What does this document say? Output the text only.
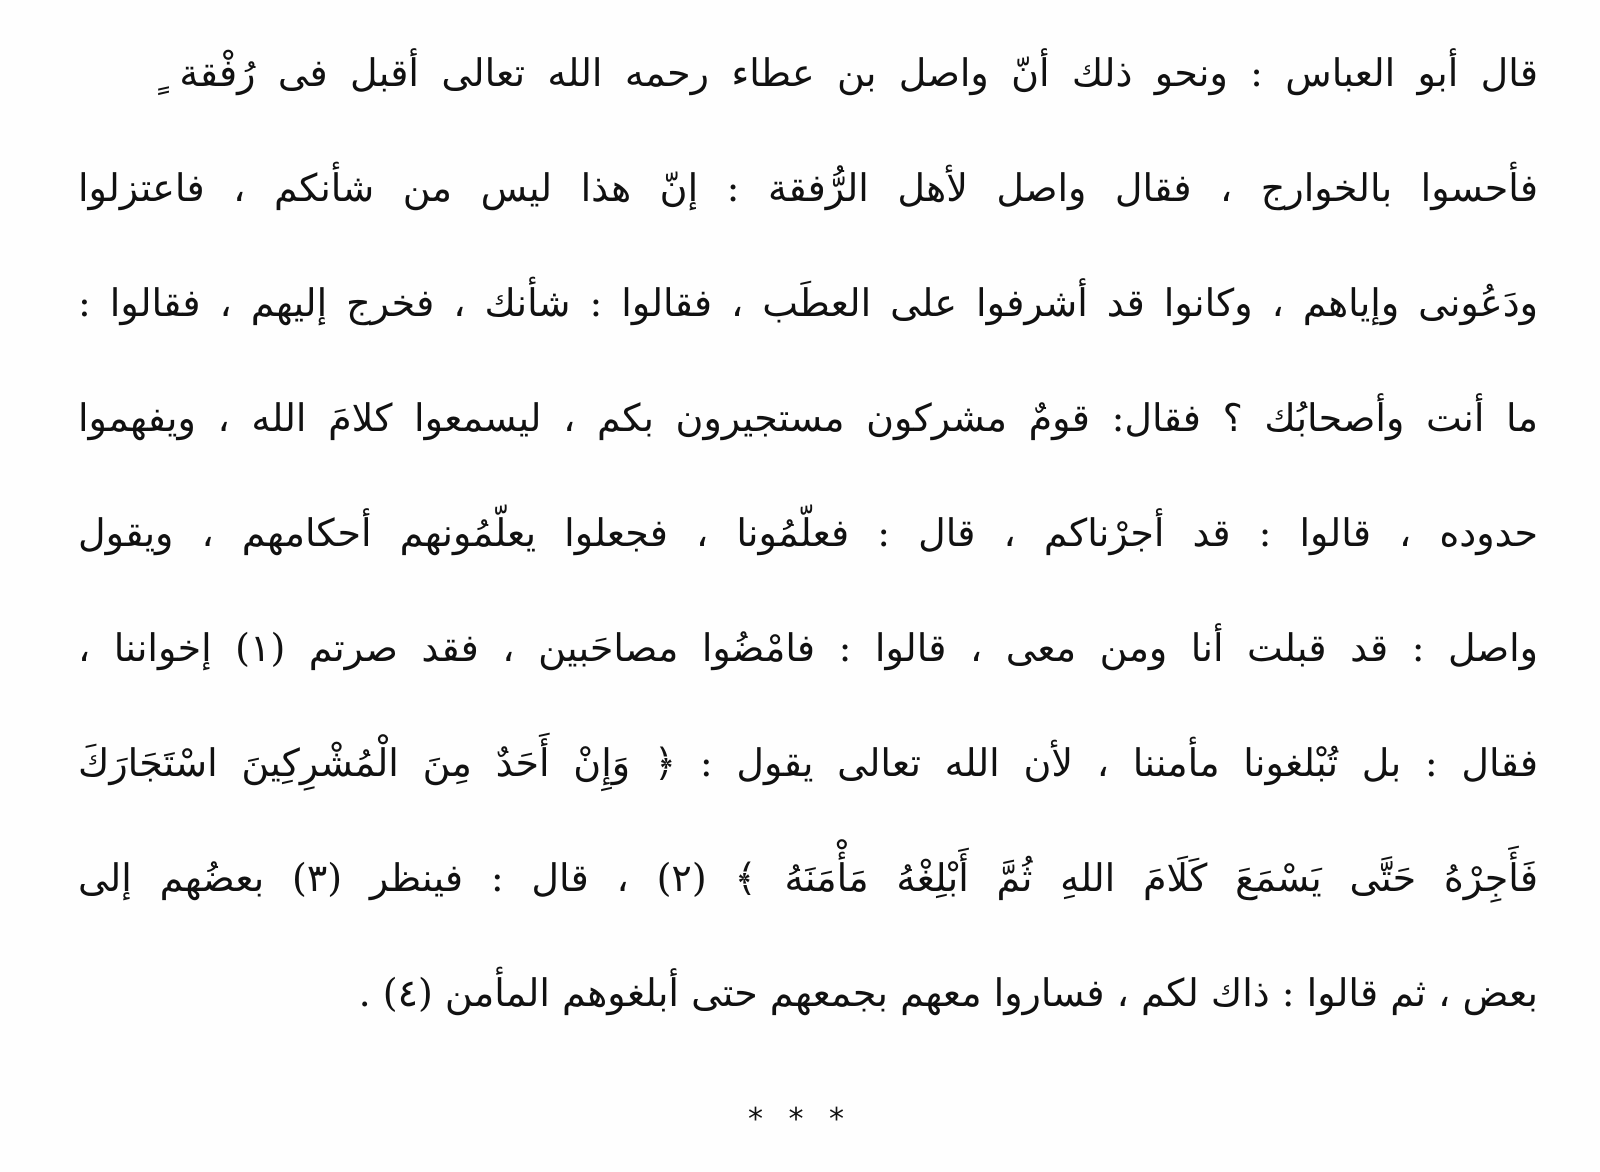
قال أبو العباس : ونحو ذلك أنّ واصل بن عطاء رحمه الله تعالى أقبل فى رُفْقة ٍ
فأحسوا بالخوارج ، فقال واصل لأهل الرُّفقة : إنّ هذا ليس من شأنكم ، فاعتزلوا
ودَعُونى وإياهم ، وكانوا قد أشرفوا على العطَب ، فقالوا : شأنك ، فخرج إليهم ، فقالوا :
ما أنت وأصحابُك ؟ فقال: قومٌ مشركون مستجيرون بكم ، ليسمعوا كلامَ الله ، ويفهموا
حدوده ، قالوا : قد أجرْناكم ، قال : فعلّمُونا ، فجعلوا يعلّمُونهم أحكامهم ، ويقول
واصل : قد قبلت أنا ومن معى ، قالوا : فامْضُوا مصاحَبين ، فقد صرتم (١) إخواننا ،
فقال : بل تُبْلغونا مأمننا ، لأن الله تعالى يقول : ﴿ وَإِنْ أَحَدٌ مِنَ الْمُشْرِكِينَ اسْتَجَارَكَ
فَأَجِرْهُ حَتَّى يَسْمَعَ كَلَامَ اللهِ ثُمَّ أَبْلِغْهُ مَأْمَنَهُ ﴾ (٢) ، قال : فينظر (٣) بعضُهم إلى
بعض ، ثم قالوا : ذاك لكم ، فساروا معهم بجمعهم حتى أبلغوهم المأمن (٤) .
* * *
